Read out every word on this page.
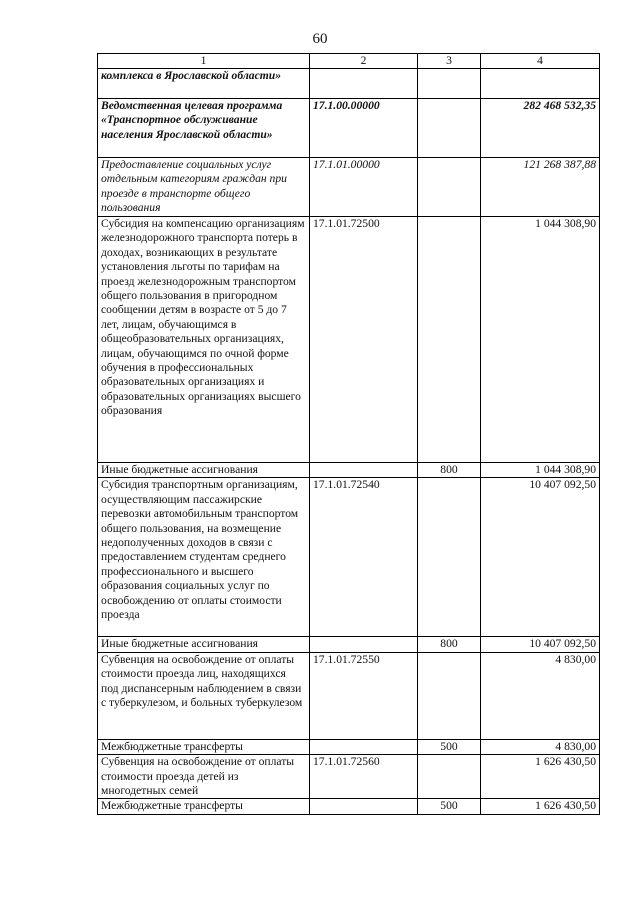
60
1	2	3	4
комплекса в Ярославской области»			
Ведомственная целевая программа «Транспортное обслуживание населения Ярославской области»	17.1.00.00000		282 468 532,35
Предоставление социальных услуг отдельным категориям граждан при проезде в транспорте общего пользования	17.1.01.00000		121 268 387,88
Субсидия на компенсацию организациям железнодорожного транспорта потерь в доходах, возникающих в результате установления льготы по тарифам на проезд железнодорожным транспортом общего пользования в пригородном сообщении детям в возрасте от 5 до 7 лет, лицам, обучающимся в общеобразовательных организациях, лицам, обучающимся по очной форме обучения в профессиональных образовательных организациях и образовательных организациях высшего образования	17.1.01.72500		1 044 308,90
Иные бюджетные ассигнования		800	1 044 308,90
Субсидия транспортным организациям, осуществляющим пассажирские перевозки автомобильным транспортом общего пользования, на возмещение недополученных доходов в связи с предоставлением студентам среднего профессионального и высшего образования социальных услуг по освобождению от оплаты стоимости проезда	17.1.01.72540		10 407 092,50
Иные бюджетные ассигнования		800	10 407 092,50
Субвенция на освобождение от оплаты стоимости проезда лиц, находящихся под диспансерным наблюдением в связи с туберкулезом, и больных туберкулезом	17.1.01.72550		4 830,00
Межбюджетные трансферты		500	4 830,00
Субвенция на освобождение от оплаты стоимости проезда детей из многодетных семей	17.1.01.72560		1 626 430,50
Межбюджетные трансферты		500	1 626 430,50
